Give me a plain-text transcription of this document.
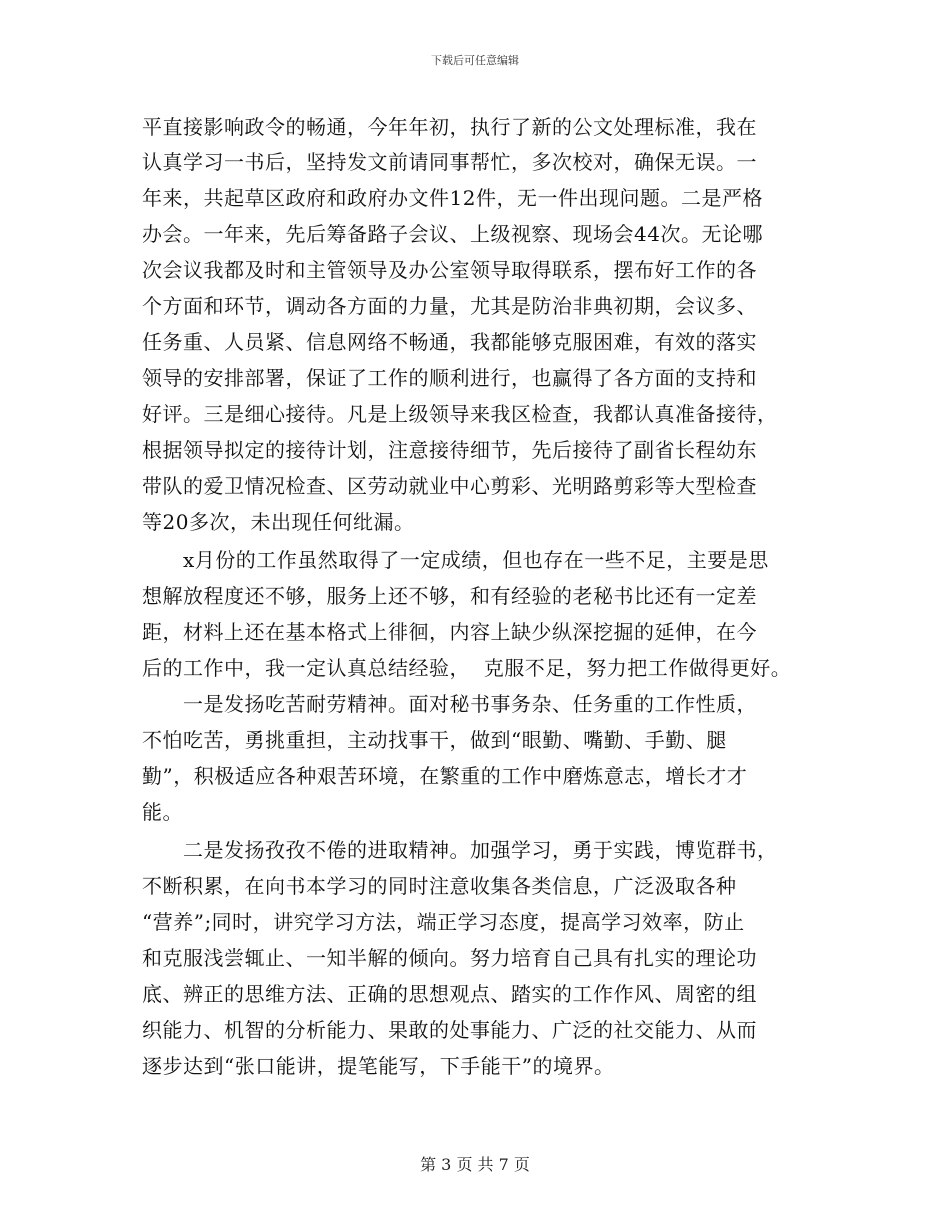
下载后可任意编辑
平直接影响政令的畅通，今年年初，执行了新的公文处理标准，我在
认真学习一书后，坚持发文前请同事帮忙，多次校对，确保无误。一
年来，共起草区政府和政府办文件12件，无一件出现问题。二是严格
办会。一年来，先后筹备路子会议、上级视察、现场会44次。无论哪
次会议我都及时和主管领导及办公室领导取得联系，摆布好工作的各
个方面和环节，调动各方面的力量，尤其是防治非典初期，会议多、
任务重、人员紧、信息网络不畅通，我都能够克服困难，有效的落实
领导的安排部署，保证了工作的顺利进行，也赢得了各方面的支持和
好评。三是细心接待。凡是上级领导来我区检查，我都认真准备接待，
根据领导拟定的接待计划，注意接待细节，先后接待了副省长程幼东
带队的爱卫情况检查、区劳动就业中心剪彩、光明路剪彩等大型检查
等20多次，未出现任何纰漏。
x月份的工作虽然取得了一定成绩，但也存在一些不足，主要是思
想解放程度还不够，服务上还不够，和有经验的老秘书比还有一定差
距，材料上还在基本格式上徘徊，内容上缺少纵深挖掘的延伸，在今
后的工作中，我一定认真总结经验，  克服不足，努力把工作做得更好。
一是发扬吃苦耐劳精神。面对秘书事务杂、任务重的工作性质，
不怕吃苦，勇挑重担，主动找事干，做到“眼勤、嘴勤、手勤、腿
勤”，积极适应各种艰苦环境，在繁重的工作中磨炼意志，增长才才
能。
二是发扬孜孜不倦的进取精神。加强学习，勇于实践，博览群书，
不断积累，在向书本学习的同时注意收集各类信息，广泛汲取各种
“营养”;同时，讲究学习方法，端正学习态度，提高学习效率，防止
和克服浅尝辄止、一知半解的倾向。努力培育自己具有扎实的理论功
底、辨正的思维方法、正确的思想观点、踏实的工作作风、周密的组
织能力、机智的分析能力、果敢的处事能力、广泛的社交能力、从而
逐步达到“张口能讲，提笔能写，下手能干”的境界。
第 3 页 共 7 页
